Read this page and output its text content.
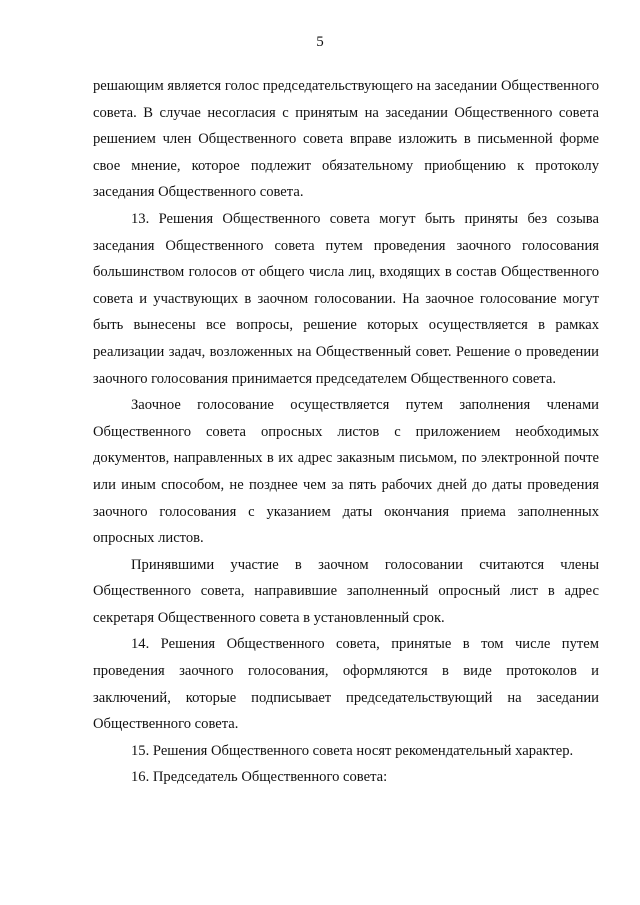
5

решающим является голос председательствующего на заседании Общественного совета. В случае несогласия с принятым на заседании Общественного совета решением член Общественного совета вправе изложить в письменной форме свое мнение, которое подлежит обязательному приобщению к протоколу заседания Общественного совета.

13. Решения Общественного совета могут быть приняты без созыва заседания Общественного совета путем проведения заочного голосования большинством голосов от общего числа лиц, входящих в состав Общественного совета и участвующих в заочном голосовании. На заочное голосование могут быть вынесены все вопросы, решение которых осуществляется в рамках реализации задач, возложенных на Общественный совет. Решение о проведении заочного голосования принимается председателем Общественного совета.

Заочное голосование осуществляется путем заполнения членами Общественного совета опросных листов с приложением необходимых документов, направленных в их адрес заказным письмом, по электронной почте или иным способом, не позднее чем за пять рабочих дней до даты проведения заочного голосования с указанием даты окончания приема заполненных опросных листов.

Принявшими участие в заочном голосовании считаются члены Общественного совета, направившие заполненный опросный лист в адрес секретаря Общественного совета в установленный срок.

14. Решения Общественного совета, принятые в том числе путем проведения заочного голосования, оформляются в виде протоколов и заключений, которые подписывает председательствующий на заседании Общественного совета.

15. Решения Общественного совета носят рекомендательный характер.

16. Председатель Общественного совета:
